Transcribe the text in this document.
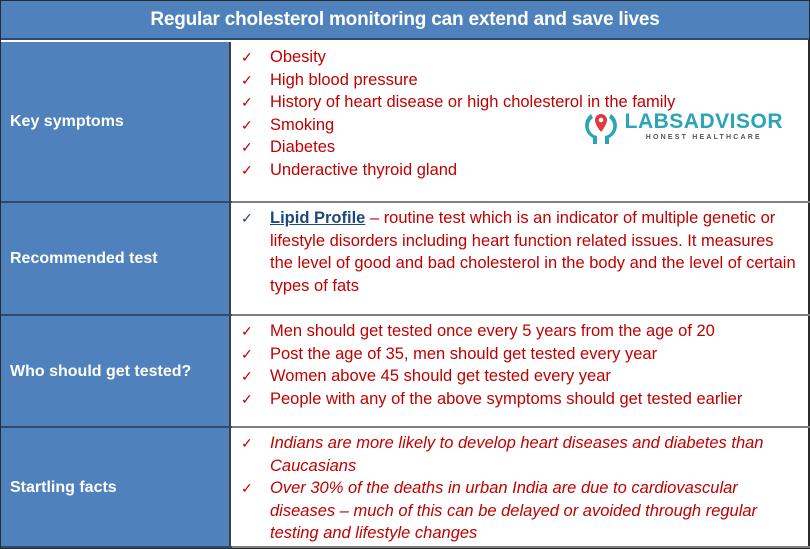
Regular cholesterol monitoring can extend and save lives
Key symptoms
✓	Obesity
✓	High blood pressure
✓	History of heart disease or high cholesterol in the family
✓	Smoking
✓	Diabetes
✓	Underactive thyroid gland
LABSADVISOR
HONEST HEALTHCARE
Recommended test
✓	Lipid Profile – routine test which is an indicator of multiple genetic or lifestyle disorders including heart function related issues. It measures the level of good and bad cholesterol in the body and the level of certain types of fats
Who should get tested?
✓	Men should get tested once every 5 years from the age of 20
✓	Post the age of 35, men should get tested every year
✓	Women above 45 should get tested every year
✓	People with any of the above symptoms should get tested earlier
Startling facts
✓	Indians are more likely to develop heart diseases and diabetes than Caucasians
✓	Over 30% of the deaths in urban India are due to cardiovascular diseases – much of this can be delayed or avoided through regular testing and lifestyle changes
